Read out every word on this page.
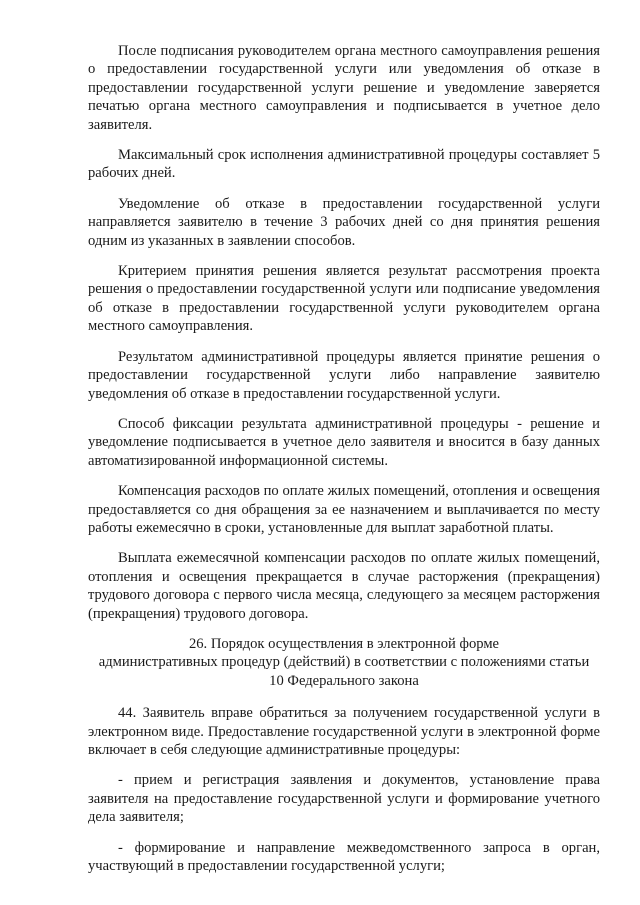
После подписания руководителем органа местного самоуправления решения о предоставлении государственной услуги или уведомления об отказе в предоставлении государственной услуги решение и уведомление заверяется печатью органа местного самоуправления и подписывается в учетное дело заявителя.

Максимальный срок исполнения административной процедуры составляет 5 рабочих дней.

Уведомление об отказе в предоставлении государственной услуги направляется заявителю в течение 3 рабочих дней со дня принятия решения одним из указанных в заявлении способов.

Критерием принятия решения является результат рассмотрения проекта решения о предоставлении государственной услуги или подписание уведомления об отказе в предоставлении государственной услуги руководителем органа местного самоуправления.

Результатом административной процедуры является принятие решения о предоставлении государственной услуги либо направление заявителю уведомления об отказе в предоставлении государственной услуги.

Способ фиксации результата административной процедуры - решение и уведомление подписывается в учетное дело заявителя и вносится в базу данных автоматизированной информационной системы.

Компенсация расходов по оплате жилых помещений, отопления и освещения предоставляется со дня обращения за ее назначением и выплачивается по месту работы ежемесячно в сроки, установленные для выплат заработной платы.

Выплата ежемесячной компенсации расходов по оплате жилых помещений, отопления и освещения прекращается в случае расторжения (прекращения) трудового договора с первого числа месяца, следующего за месяцем расторжения (прекращения) трудового договора.

26. Порядок осуществления в электронной форме
административных процедур (действий) в соответствии с положениями статьи
10 Федерального закона

44. Заявитель вправе обратиться за получением государственной услуги в электронном виде. Предоставление государственной услуги в электронной форме включает в себя следующие административные процедуры:

- прием и регистрация заявления и документов, установление права заявителя на предоставление государственной услуги и формирование учетного дела заявителя;

- формирование и направление межведомственного запроса в орган, участвующий в предоставлении государственной услуги;
